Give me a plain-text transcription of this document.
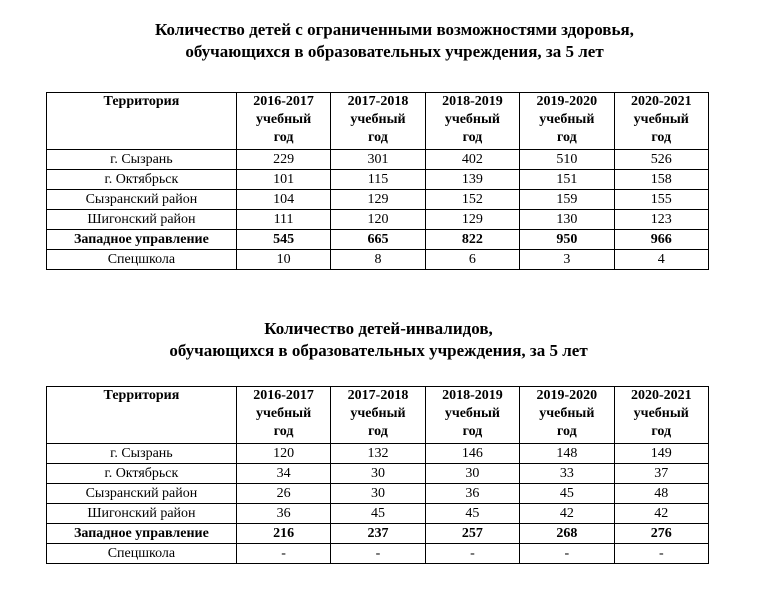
Количество детей с ограниченными возможностями здоровья,
обучающихся в образовательных учреждения, за 5 лет
Территория	2016-2017
учебный
год	2017-2018
учебный
год	2018-2019
учебный
год	2019-2020
учебный
год	2020-2021
учебный
год

г. Сызрань	229	301	402	510	526
г. Октябрьск	101	115	139	151	158
Сызранский район	104	129	152	159	155
Шигонский район	111	120	129	130	123
Западное управление	545	665	822	950	966
Спецшкола	10	8	6	3	4
Количество детей-инвалидов,
обучающихся в образовательных учреждения, за 5 лет
Территория	2016-2017
учебный
год	2017-2018
учебный
год	2018-2019
учебный
год	2019-2020
учебный
год	2020-2021
учебный
год

г. Сызрань	120	132	146	148	149
г. Октябрьск	34	30	30	33	37
Сызранский район	26	30	36	45	48
Шигонский район	36	45	45	42	42
Западное управление	216	237	257	268	276
Спецшкола	-	-	-	-	-
